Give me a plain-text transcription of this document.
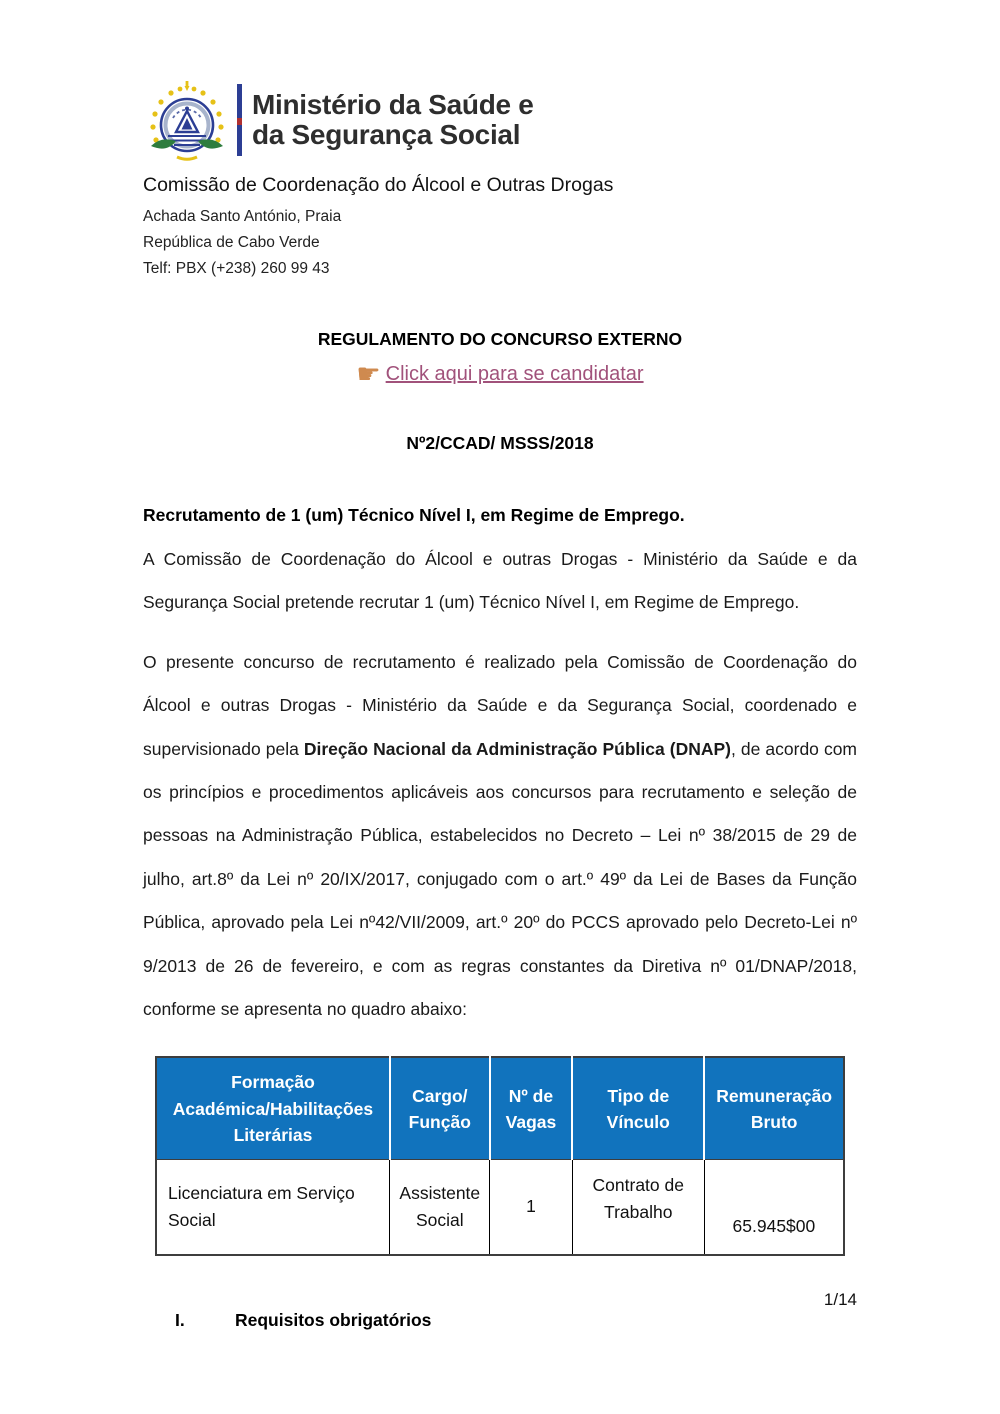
Ministério da Saúde e
da Segurança Social
Comissão de Coordenação do Álcool e Outras Drogas
Achada Santo António, Praia
República de Cabo Verde
Telf: PBX (+238) 260 99 43
REGULAMENTO DO CONCURSO EXTERNO
☛ Click aqui para se candidatar
Nº2/CCAD/ MSSS/2018
Recrutamento de 1 (um) Técnico Nível I, em Regime de Emprego.

A Comissão de Coordenação do Álcool e outras Drogas - Ministério da Saúde e da Segurança Social pretende recrutar 1 (um) Técnico Nível I, em Regime de Emprego.

O presente concurso de recrutamento é realizado pela Comissão de Coordenação do Álcool e outras Drogas - Ministério da Saúde e da Segurança Social, coordenado e supervisionado pela Direção Nacional da Administração Pública (DNAP), de acordo com os princípios e procedimentos aplicáveis aos concursos para recrutamento e seleção de pessoas na Administração Pública, estabelecidos no Decreto – Lei nº 38/2015 de 29 de julho, art.8º da Lei nº 20/IX/2017, conjugado com o art.º 49º da Lei de Bases da Função Pública, aprovado pela Lei nº42/VII/2009, art.º 20º do PCCS aprovado pelo Decreto-Lei nº 9/2013 de 26 de fevereiro, e com as regras constantes da Diretiva nº 01/DNAP/2018, conforme se apresenta no quadro abaixo:

Formação Académica/Habilitações Literárias	Cargo/ Função	Nº de Vagas	Tipo de Vínculo	Remuneração Bruto
Licenciatura em Serviço Social	Assistente Social	1	Contrato de Trabalho	65.945$00
I.	Requisitos obrigatórios
1/14
